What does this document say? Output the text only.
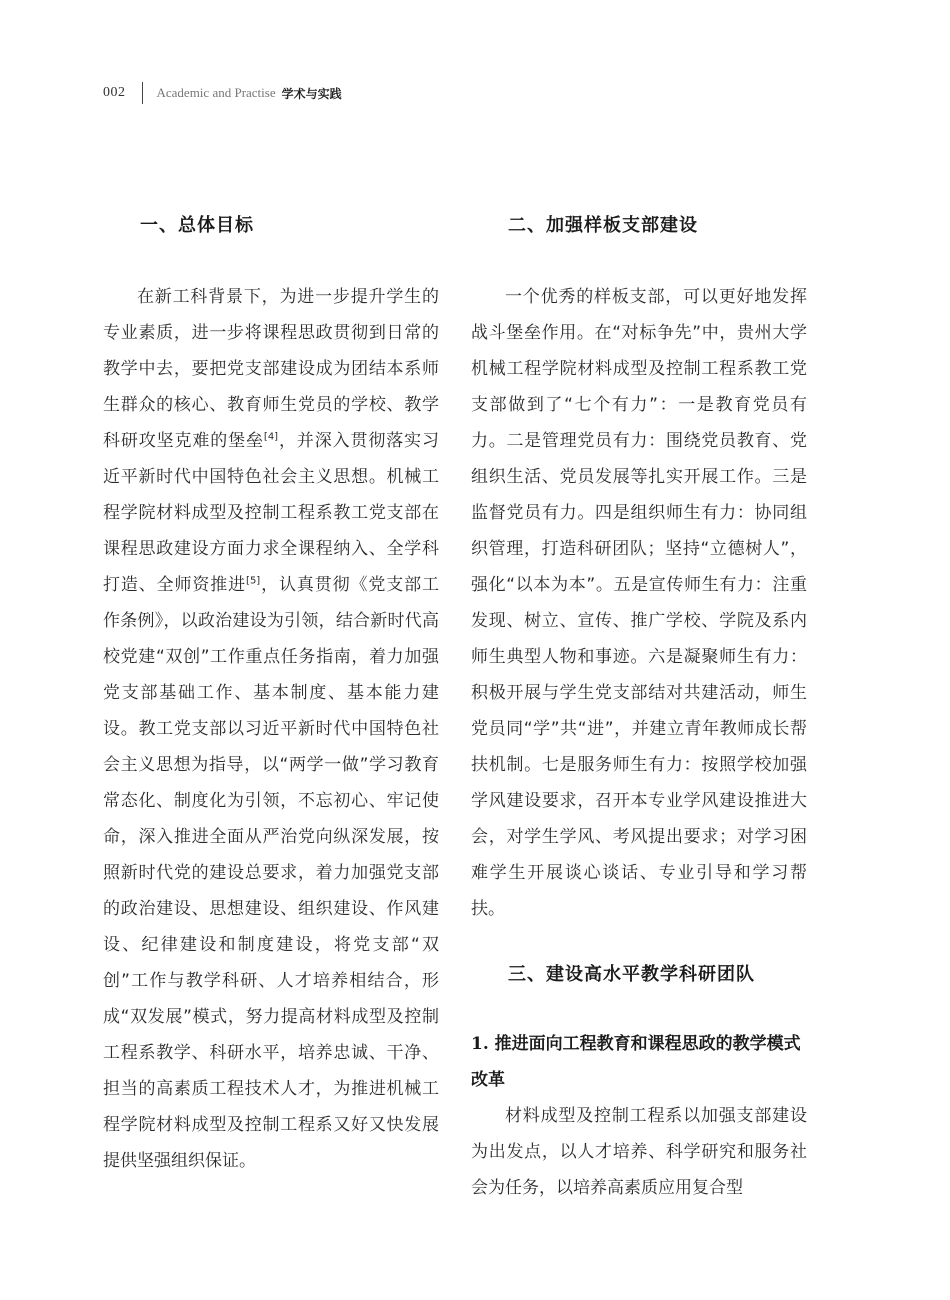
002 Academic and Practise 学术与实践
一、总体目标

在新工科背景下，为进一步提升学生的专业素质，进一步将课程思政贯彻到日常的教学中去，要把党支部建设成为团结本系师生群众的核心、教育师生党员的学校、教学科研攻坚克难的堡垒[4]，并深入贯彻落实习近平新时代中国特色社会主义思想。机械工程学院材料成型及控制工程系教工党支部在课程思政建设方面力求全课程纳入、全学科打造、全师资推进[5]，认真贯彻《党支部工作条例》，以政治建设为引领，结合新时代高校党建“双创”工作重点任务指南，着力加强党支部基础工作、基本制度、基本能力建设。教工党支部以习近平新时代中国特色社会主义思想为指导，以“两学一做”学习教育常态化、制度化为引领，不忘初心、牢记使命，深入推进全面从严治党向纵深发展，按照新时代党的建设总要求，着力加强党支部的政治建设、思想建设、组织建设、作风建设、纪律建设和制度建设，将党支部“双创”工作与教学科研、人才培养相结合，形成“双发展”模式，努力提高材料成型及控制工程系教学、科研水平，培养忠诚、干净、担当的高素质工程技术人才，为推进机械工程学院材料成型及控制工程系又好又快发展提供坚强组织保证。

二、加强样板支部建设

一个优秀的样板支部，可以更好地发挥战斗堡垒作用。在“对标争先”中，贵州大学机械工程学院材料成型及控制工程系教工党支部做到了“七个有力”：一是教育党员有力。二是管理党员有力：围绕党员教育、党组织生活、党员发展等扎实开展工作。三是监督党员有力。四是组织师生有力：协同组织管理，打造科研团队；坚持“立德树人”，强化“以本为本”。五是宣传师生有力：注重发现、树立、宣传、推广学校、学院及系内师生典型人物和事迹。六是凝聚师生有力：积极开展与学生党支部结对共建活动，师生党员同“学”共“进”，并建立青年教师成长帮扶机制。七是服务师生有力：按照学校加强学风建设要求，召开本专业学风建设推进大会，对学生学风、考风提出要求；对学习困难学生开展谈心谈话、专业引导和学习帮扶。

三、建设高水平教学科研团队

1. 推进面向工程教育和课程思政的教学模式改革

材料成型及控制工程系以加强支部建设为出发点，以人才培养、科学研究和服务社会为任务，以培养高素质应用复合型
